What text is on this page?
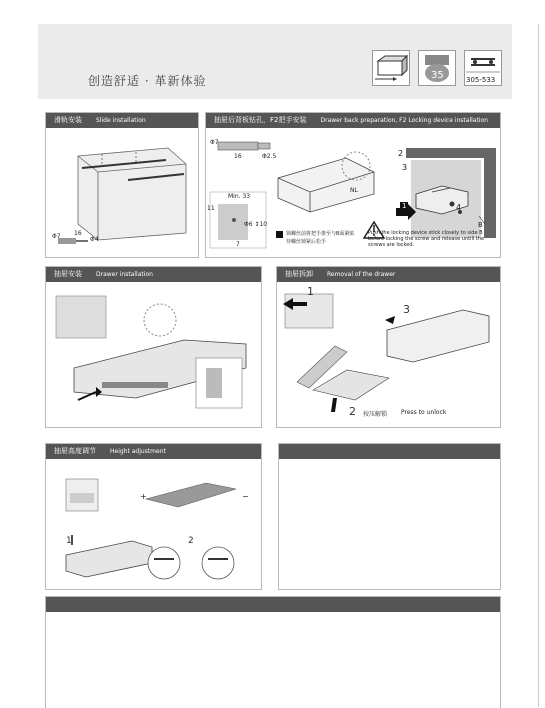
创造舒适 · 革新体验	35	305-533
滑轨安装 Slide installation
16
Φ4
Φ7
抽屉后背板钻孔，F2把手安装 Drawer back preparation, F2 Locking device installation
16	Φ2.5
Φ7
Min. 33
11
Φ6 ↕10
7
NL
1
2
3
4
B
锁螺丝前将把手推至与B面紧贴待螺丝锁紧后松手
Push the locking device stick closely to side B before locking the screw and release untill the screws are locked.
抽屉安装 Drawer installation	抽屉拆卸 Removal of the drawer
1
2
3
按压解锁 Press to unlock
抽屉高度调节 Height adjustment
1	2
+	−
